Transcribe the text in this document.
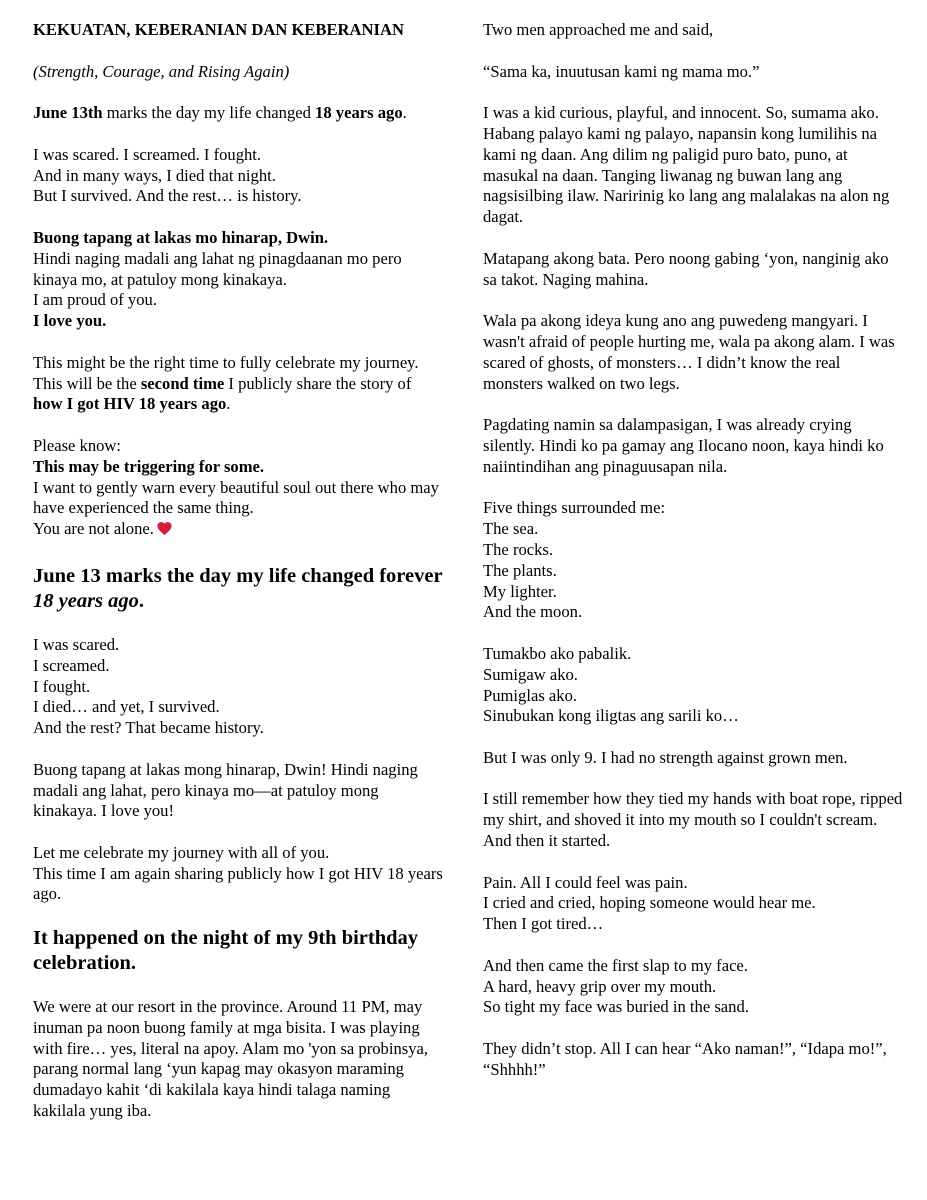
KEKUATAN, KEBERANIAN DAN KEBERANIAN

(Strength, Courage, and Rising Again)

June 13th marks the day my life changed 18 years ago.

I was scared. I screamed. I fought.
And in many ways, I died that night.
But I survived. And the rest… is history.

Buong tapang at lakas mo hinarap, Dwin.
Hindi naging madali ang lahat ng pinagdaanan mo pero kinaya mo, at patuloy mong kinakaya.
I am proud of you.
I love you.

This might be the right time to fully celebrate my journey.
This will be the second time I publicly share the story of how I got HIV 18 years ago.

Please know:
This may be triggering for some.
I want to gently warn every beautiful soul out there who may have experienced the same thing.
You are not alone.

June 13 marks the day my life changed forever 18 years ago.

I was scared.
I screamed.
I fought.
I died… and yet, I survived.
And the rest? That became history.

Buong tapang at lakas mong hinarap, Dwin! Hindi naging madali ang lahat, pero kinaya mo—at patuloy mong kinakaya. I love you!

Let me celebrate my journey with all of you.
This time I am again sharing publicly how I got HIV 18 years ago.

It happened on the night of my 9th birthday celebration.

We were at our resort in the province. Around 11 PM, may inuman pa noon buong family at mga bisita. I was playing with fire… yes, literal na apoy. Alam mo 'yon sa probinsya, parang normal lang ‘yun kapag may okasyon maraming dumadayo kahit ‘di kakilala kaya hindi talaga naming kakilala yung iba.

Two men approached me and said,

“Sama ka, inuutusan kami ng mama mo.”

I was a kid curious, playful, and innocent. So, sumama ako.
Habang palayo kami ng palayo, napansin kong lumilihis na kami ng daan. Ang dilim ng paligid puro bato, puno, at masukal na daan. Tanging liwanag ng buwan lang ang nagsisilbing ilaw. Naririnig ko lang ang malalakas na alon ng dagat.

Matapang akong bata. Pero noong gabing ‘yon, nanginig ako sa takot. Naging mahina.

Wala pa akong ideya kung ano ang puwedeng mangyari. I wasn't afraid of people hurting me, wala pa akong alam. I was scared of ghosts, of monsters… I didn’t know the real monsters walked on two legs.

Pagdating namin sa dalampasigan, I was already crying silently. Hindi ko pa gamay ang Ilocano noon, kaya hindi ko naiintindihan ang pinaguusapan nila.

Five things surrounded me:
The sea.
The rocks.
The plants.
My lighter.
And the moon.

Tumakbo ako pabalik.
Sumigaw ako.
Pumiglas ako.
Sinubukan kong iligtas ang sarili ko…

But I was only 9. I had no strength against grown men.

I still remember how they tied my hands with boat rope, ripped my shirt, and shoved it into my mouth so I couldn't scream. And then it started.

Pain. All I could feel was pain.
I cried and cried, hoping someone would hear me.
Then I got tired…

And then came the first slap to my face.
A hard, heavy grip over my mouth.
So tight my face was buried in the sand.

They didn’t stop. All I can hear “Ako naman!”, “Idapa mo!”, “Shhhh!”
